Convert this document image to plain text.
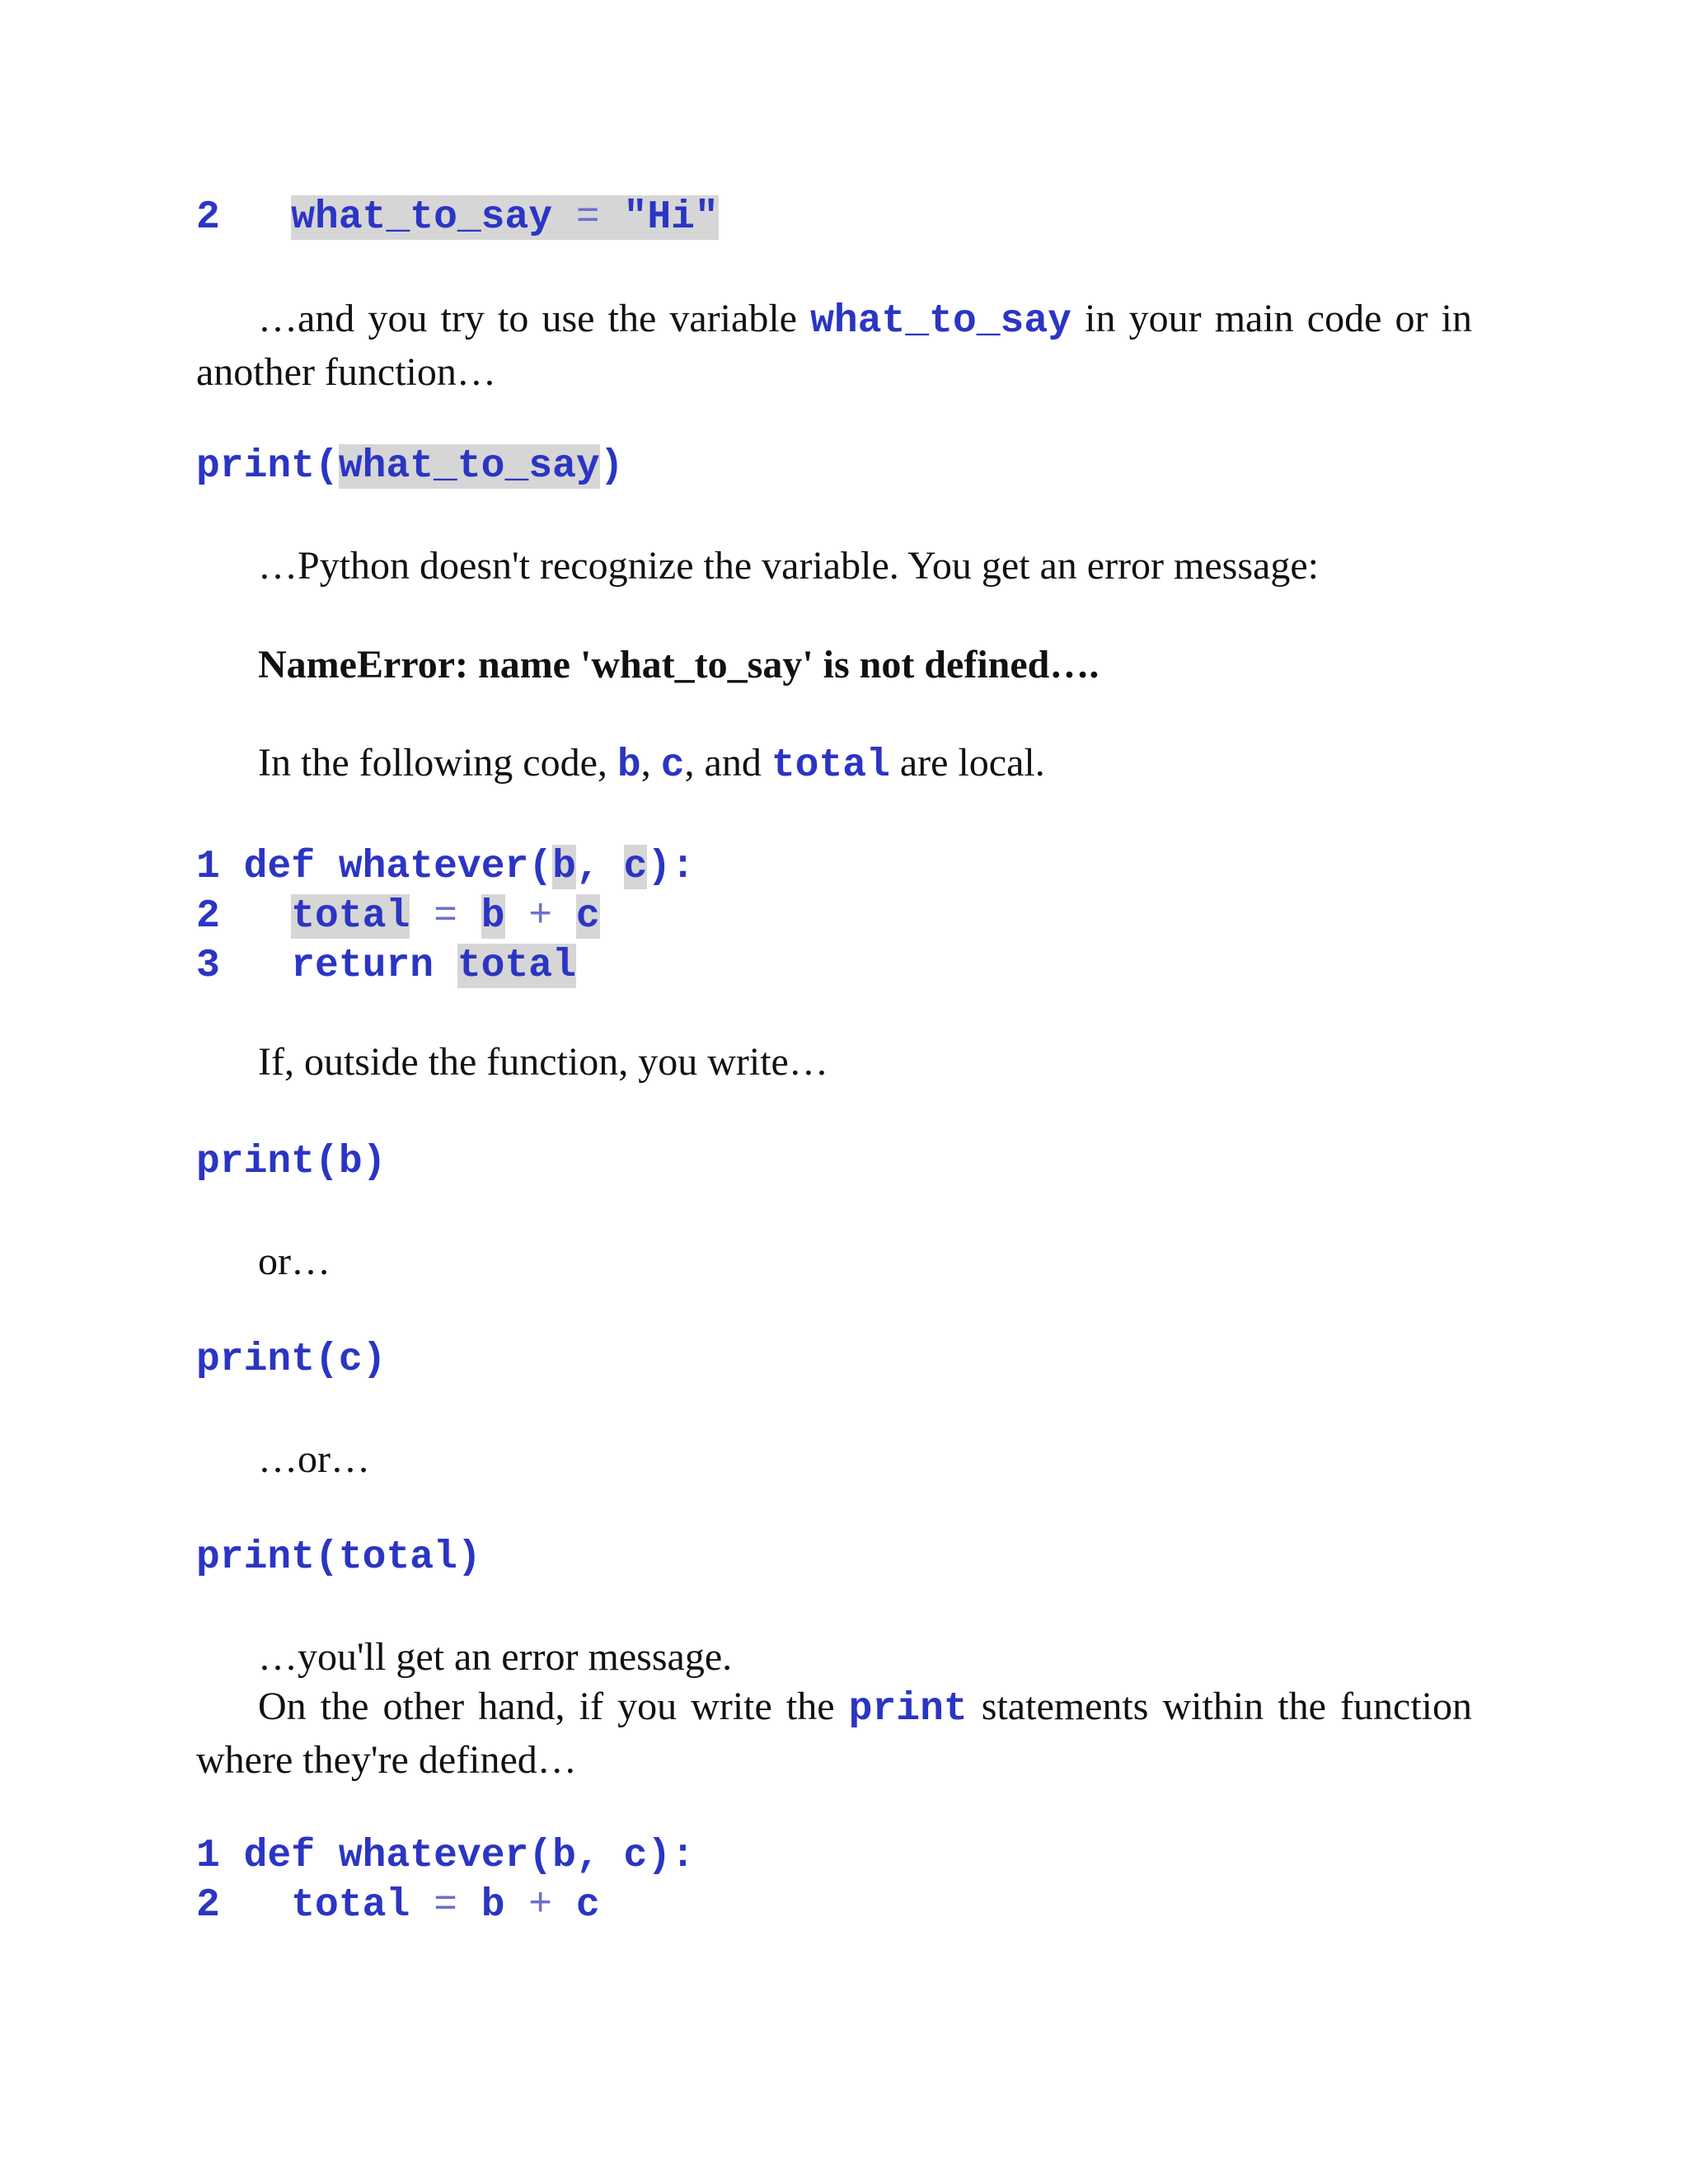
2 what_to_say = "Hi"

…and you try to use the variable what_to_say in your main code or in another function…

print(what_to_say)

…Python doesn't recognize the variable. You get an error message:

NameError: name 'what_to_say' is not defined….

In the following code, b, c, and total are local.

1 def whatever(b, c):
2 total = b + c
3 return total

If, outside the function, you write…

print(b)

or…

print(c)

…or…

print(total)

…you'll get an error message.

On the other hand, if you write the print statements within the function where they're defined…

1 def whatever(b, c):
2 total = b + c
